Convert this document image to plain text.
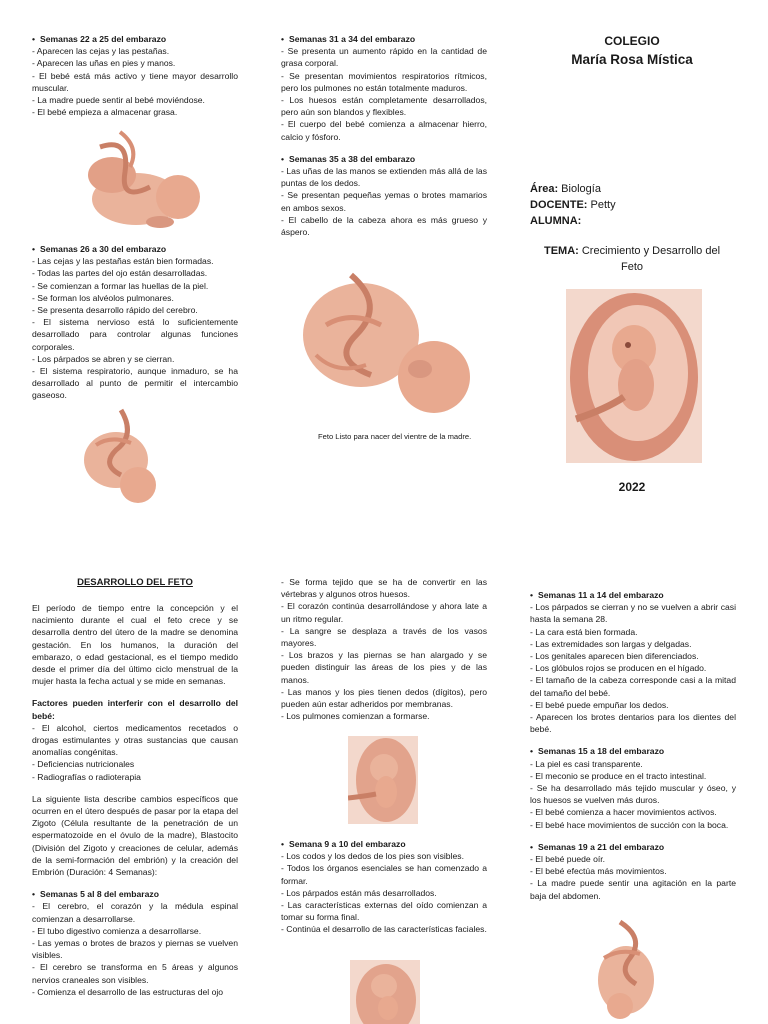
• Semanas 22 a 25 del embarazo

- Aparecen las cejas y las pestañas.

- Aparecen las uñas en pies y manos.

- El bebé está más activo y tiene mayor desarrollo muscular.

- La madre puede sentir al bebé moviéndose.

- El bebé empieza a almacenar grasa.

• Semanas 26 a 30 del embarazo

- Las cejas y las pestañas están bien formadas.

- Todas las partes del ojo están desarrolladas.

- Se comienzan a formar las huellas de la piel.

- Se forman los alvéolos pulmonares.

- Se presenta desarrollo rápido del cerebro.

- El sistema nervioso está lo suficientemente desarrollado para controlar algunas funciones corporales.

- Los párpados se abren y se cierran.

- El sistema respiratorio, aunque inmaduro, se ha desarrollado al punto de permitir el intercambio gaseoso.

• Semanas 31 a 34 del embarazo

- Se presenta un aumento rápido en la cantidad de grasa corporal.

- Se presentan movimientos respiratorios rítmicos, pero los pulmones no están totalmente maduros.

- Los huesos están completamente desarrollados, pero aún son blandos y flexibles.

- El cuerpo del bebé comienza a almacenar hierro, calcio y fósforo.

• Semanas 35 a 38 del embarazo

- Las uñas de las manos se extienden más allá de las puntas de los dedos.

- Se presentan pequeñas yemas o brotes mamarios en ambos sexos.

- El cabello de la cabeza ahora es más grueso y áspero.

Feto Listo para nacer del vientre de la madre.
COLEGIO
María Rosa Mística
Área: Biología
DOCENTE: Petty
ALUMNA:
TEMA: Crecimiento y Desarrollo del Feto
2022
DESARROLLO DEL FETO

El período de tiempo entre la concepción y el nacimiento durante el cual el feto crece y se desarrolla dentro del útero de la madre se denomina gestación. En los humanos, la duración del embarazo, o edad gestacional, es el tiempo medido desde el primer día del último ciclo menstrual de la mujer hasta la fecha actual y se mide en semanas.

Factores pueden interferir con el desarrollo del bebé:

- El alcohol, ciertos medicamentos recetados o drogas estimulantes y otras sustancias que causan anomalías congénitas.

- Deficiencias nutricionales

- Radiografías o radioterapia

La siguiente lista describe cambios específicos que ocurren en el útero después de pasar por la etapa del Zigoto (Célula resultante de la penetración de un espermatozoide en el óvulo de la madre), Blastocito (División del Zigoto y creaciones de celular, además de la semi-formación del embrión) y la creación del Embrión (Duración: 4 Semanas):

• Semanas 5 al 8 del embarazo

- El cerebro, el corazón y la médula espinal comienzan a desarrollarse.

- El tubo digestivo comienza a desarrollarse.

- Las yemas o brotes de brazos y piernas se vuelven visibles.

- El cerebro se transforma en 5 áreas y algunos nervios craneales son visibles.

- Comienza el desarrollo de las estructuras del ojo

- Se forma tejido que se ha de convertir en las vértebras y algunos otros huesos.

- El corazón continúa desarrollándose y ahora late a un ritmo regular.

- La sangre se desplaza a través de los vasos mayores.

- Los brazos y las piernas se han alargado y se pueden distinguir las áreas de los pies y de las manos.

- Las manos y los pies tienen dedos (dígitos), pero pueden aún estar adheridos por membranas.

- Los pulmones comienzan a formarse.

• Semana 9 a 10 del embarazo

- Los codos y los dedos de los pies son visibles.

- Todos los órganos esenciales se han comenzado a formar.

- Los párpados están más desarrollados.

- Las características externas del oído comienzan a tomar su forma final.

- Continúa el desarrollo de las características faciales.

• Semanas 11 a 14 del embarazo

- Los párpados se cierran y no se vuelven a abrir casi hasta la semana 28.

- La cara está bien formada.

- Las extremidades son largas y delgadas.

- Los genitales aparecen bien diferenciados.

- Los glóbulos rojos se producen en el hígado.

- El tamaño de la cabeza corresponde casi a la mitad del tamaño del bebé.

- El bebé puede empuñar los dedos.

- Aparecen los brotes dentarios para los dientes del bebé.

• Semanas 15 a 18 del embarazo

- La piel es casi transparente.

- El meconio se produce en el tracto intestinal.

- Se ha desarrollado más tejido muscular y óseo, y los huesos se vuelven más duros.

- El bebé comienza a hacer movimientos activos.

- El bebé hace movimientos de succión con la boca.

• Semanas 19 a 21 del embarazo

- El bebé puede oír.

- El bebé efectúa más movimientos.

- La madre puede sentir una agitación en la parte baja del abdomen.
